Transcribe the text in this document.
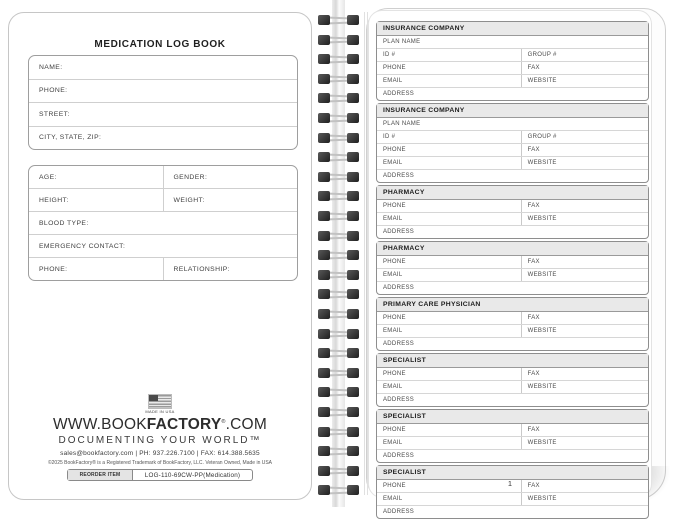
MEDICATION LOG BOOK
NAME:
PHONE:
STREET:
CITY, STATE, ZIP:
AGE:	GENDER:
HEIGHT:	WEIGHT:
BLOOD TYPE:
EMERGENCY CONTACT:
PHONE:	RELATIONSHIP:
MADE IN USA
WWW.BOOKFACTORY®.COM
DOCUMENTING YOUR WORLD™
sales@bookfactory.com | PH: 937.226.7100 | FAX: 614.388.5635
©2025 BookFactory® is a Registered Trademark of BookFactory, LLC. Veteran Owned, Made in USA
REORDER ITEM	LOG-110-69CW-PP(Medication)
INSURANCE COMPANY
PLAN NAME
ID #	GROUP #
PHONE	FAX
EMAIL	WEBSITE
ADDRESS
INSURANCE COMPANY
PLAN NAME
ID #	GROUP #
PHONE	FAX
EMAIL	WEBSITE
ADDRESS
PHARMACY
PHONE	FAX
EMAIL	WEBSITE
ADDRESS
PHARMACY
PHONE	FAX
EMAIL	WEBSITE
ADDRESS
PRIMARY CARE PHYSICIAN
PHONE	FAX
EMAIL	WEBSITE
ADDRESS
SPECIALIST
PHONE	FAX
EMAIL	WEBSITE
ADDRESS
SPECIALIST
PHONE	FAX
EMAIL	WEBSITE
ADDRESS
SPECIALIST
PHONE	FAX
EMAIL	WEBSITE
ADDRESS
1
